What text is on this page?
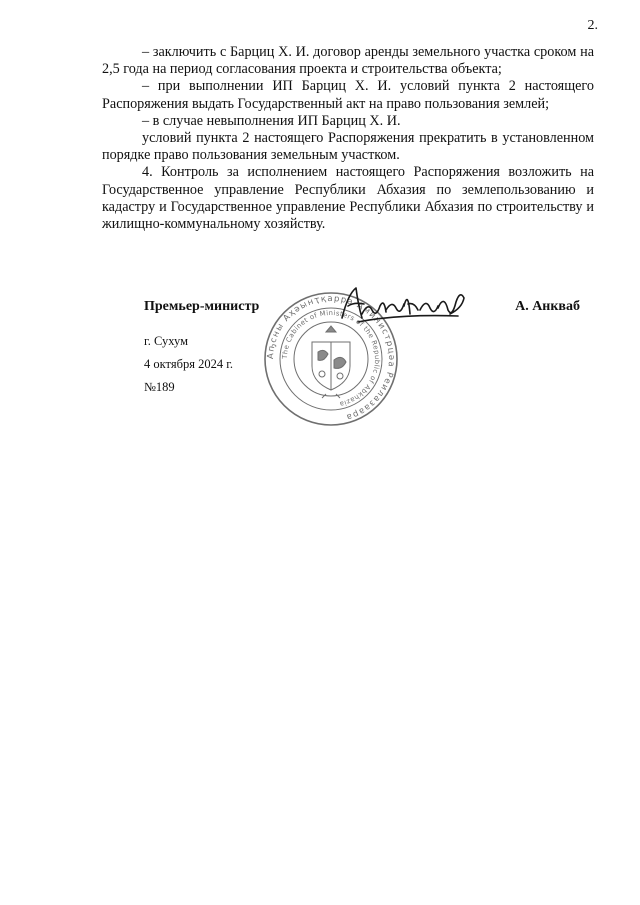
2.

– заключить с Барциц Х. И. договор аренды земельного участка сроком на 2,5 года на период согласования проекта и строительства объекта;

– при выполнении ИП Барциц Х. И. условий пункта 2 настоящего Распоряжения выдать Государственный акт на право пользования землей;

– в случае невыполнения ИП Барциц Х. И.

условий пункта 2 настоящего Распоряжения прекратить в установленном порядке право пользования земельным участком.

4. Контроль за исполнением настоящего Распоряжения возложить на Государственное управление Республики Абхазия по землепользованию и кадастру и Государственное управление Республики Абхазия по строительству и жилищно-коммунальному хозяйству.

Премьер-министр	А. Анкваб
Аҧсны Аҳәынҭқарра Аминистрцәа Реилазаара
The Cabinet of Ministers of the Republic of Abkhazia
г. Сухум
4 октября 2024 г.
№189
